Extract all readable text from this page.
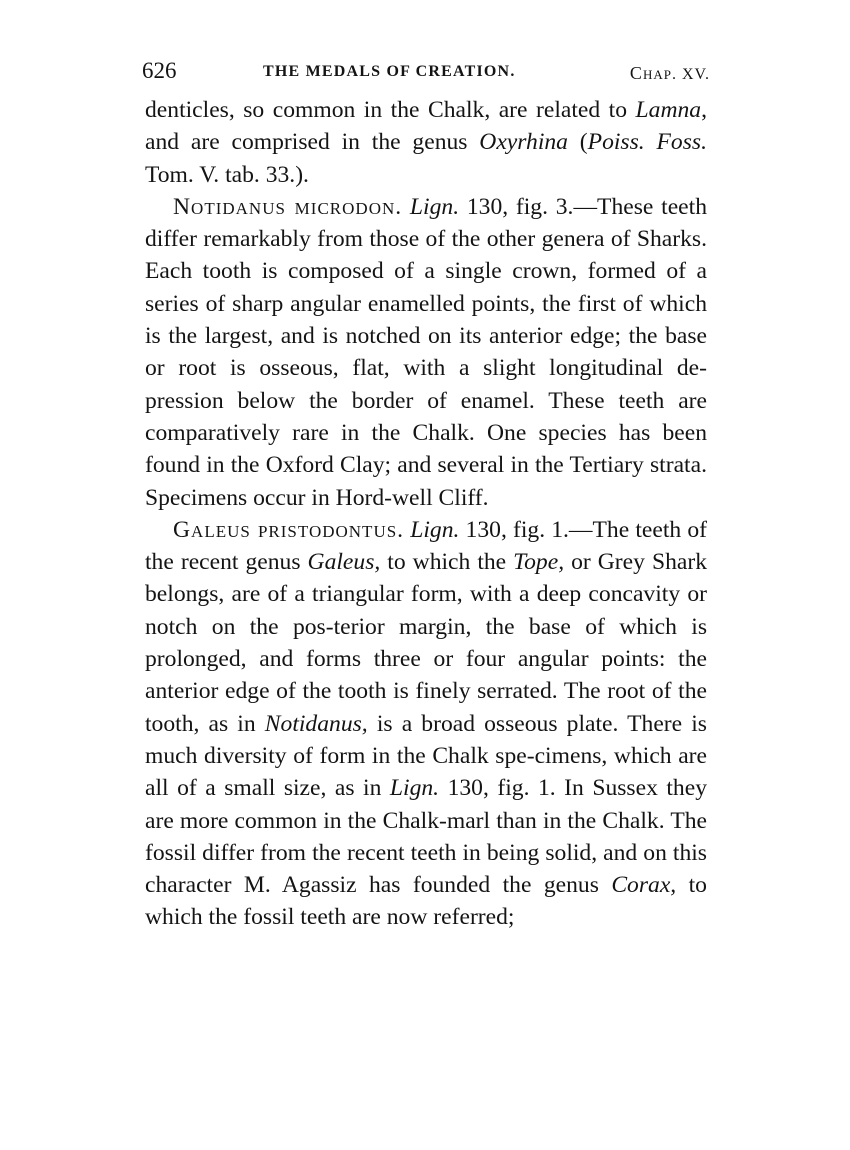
626	THE MEDALS OF CREATION.	CHAP. XV.

denticles, so common in the Chalk, are related to Lamna, and are comprised in the genus Oxyrhina (Poiss. Foss. Tom. V. tab. 33.).

Notidanus microdon. Lign. 130, fig. 3.—These teeth differ remarkably from those of the other genera of Sharks. Each tooth is composed of a single crown, formed of a series of sharp angular enamelled points, the first of which is the largest, and is notched on its anterior edge; the base or root is osseous, flat, with a slight longitudinal de-pression below the border of enamel. These teeth are comparatively rare in the Chalk. One species has been found in the Oxford Clay; and several in the Tertiary strata. Specimens occur in Hord-well Cliff.

Galeus pristodontus. Lign. 130, fig. 1.—The teeth of the recent genus Galeus, to which the Tope, or Grey Shark belongs, are of a triangular form, with a deep concavity or notch on the pos-terior margin, the base of which is prolonged, and forms three or four angular points: the anterior edge of the tooth is finely serrated. The root of the tooth, as in Notidanus, is a broad osseous plate. There is much diversity of form in the Chalk spe-cimens, which are all of a small size, as in Lign. 130, fig. 1. In Sussex they are more common in the Chalk-marl than in the Chalk. The fossil differ from the recent teeth in being solid, and on this character M. Agassiz has founded the genus Corax, to which the fossil teeth are now referred;
